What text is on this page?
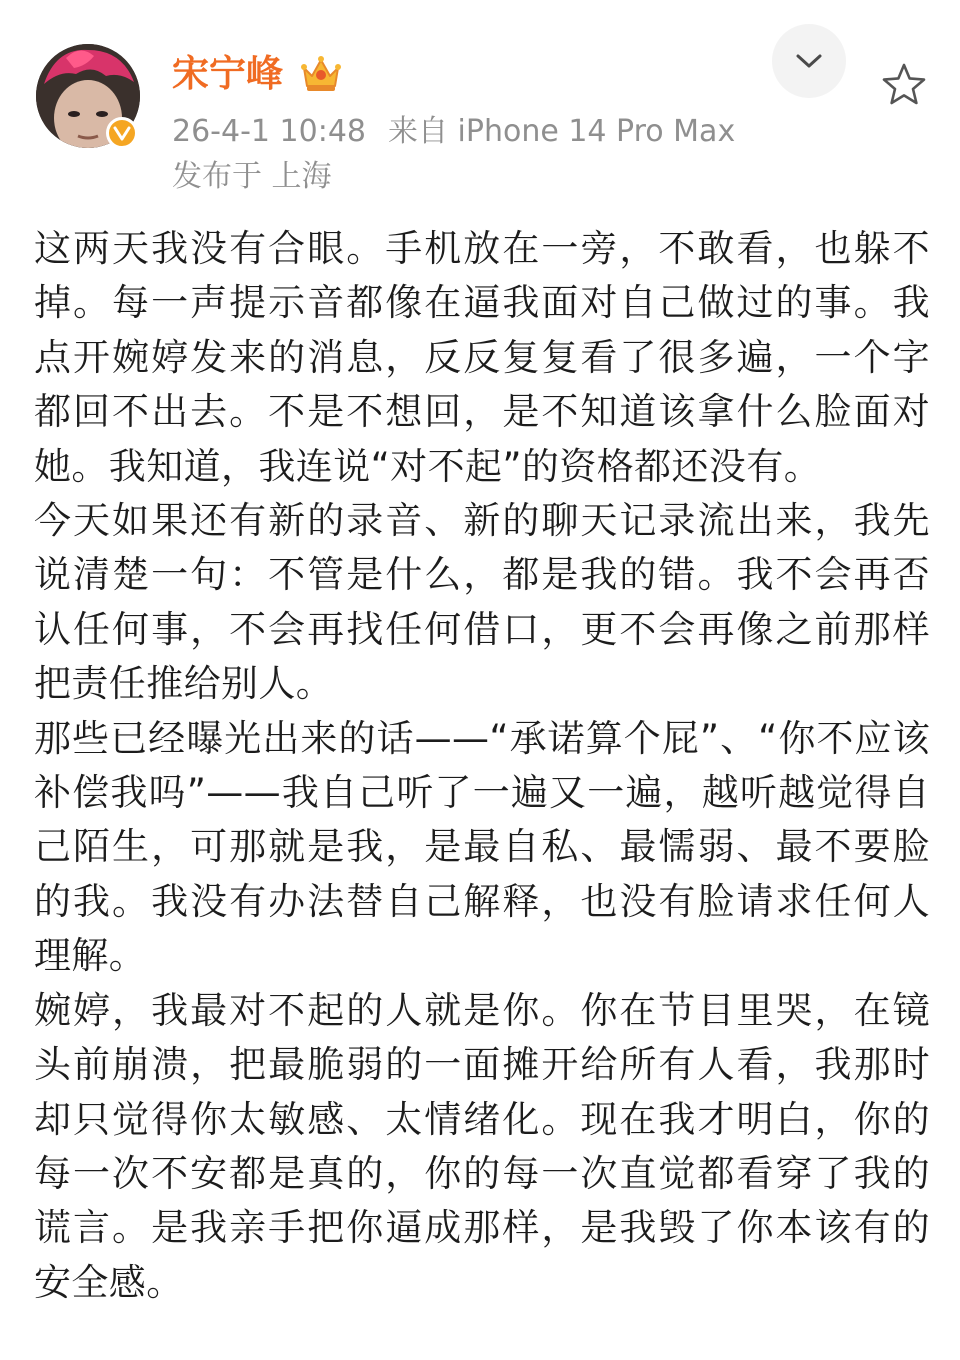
宋宁峰
26-4-1 10:48 来自 iPhone 14 Pro Max
发布于 上海

这两天我没有合眼。手机放在一旁，不敢看，也躲不掉。每一声提示音都像在逼我面对自己做过的事。我点开婉婷发来的消息，反反复复看了很多遍，一个字都回不出去。不是不想回，是不知道该拿什么脸面对她。我知道，我连说“对不起”的资格都还没有。

今天如果还有新的录音、新的聊天记录流出来，我先说清楚一句：不管是什么，都是我的错。我不会再否认任何事，不会再找任何借口，更不会再像之前那样把责任推给别人。

那些已经曝光出来的话——“承诺算个屁”、“你不应该补偿我吗”——我自己听了一遍又一遍，越听越觉得自己陌生，可那就是我，是最自私、最懦弱、最不要脸的我。我没有办法替自己解释，也没有脸请求任何人理解。

婉婷，我最对不起的人就是你。你在节目里哭，在镜头前崩溃，把最脆弱的一面摊开给所有人看，我那时却只觉得你太敏感、太情绪化。现在我才明白，你的每一次不安都是真的，你的每一次直觉都看穿了我的谎言。是我亲手把你逼成那样，是我毁了你本该有的安全感。
